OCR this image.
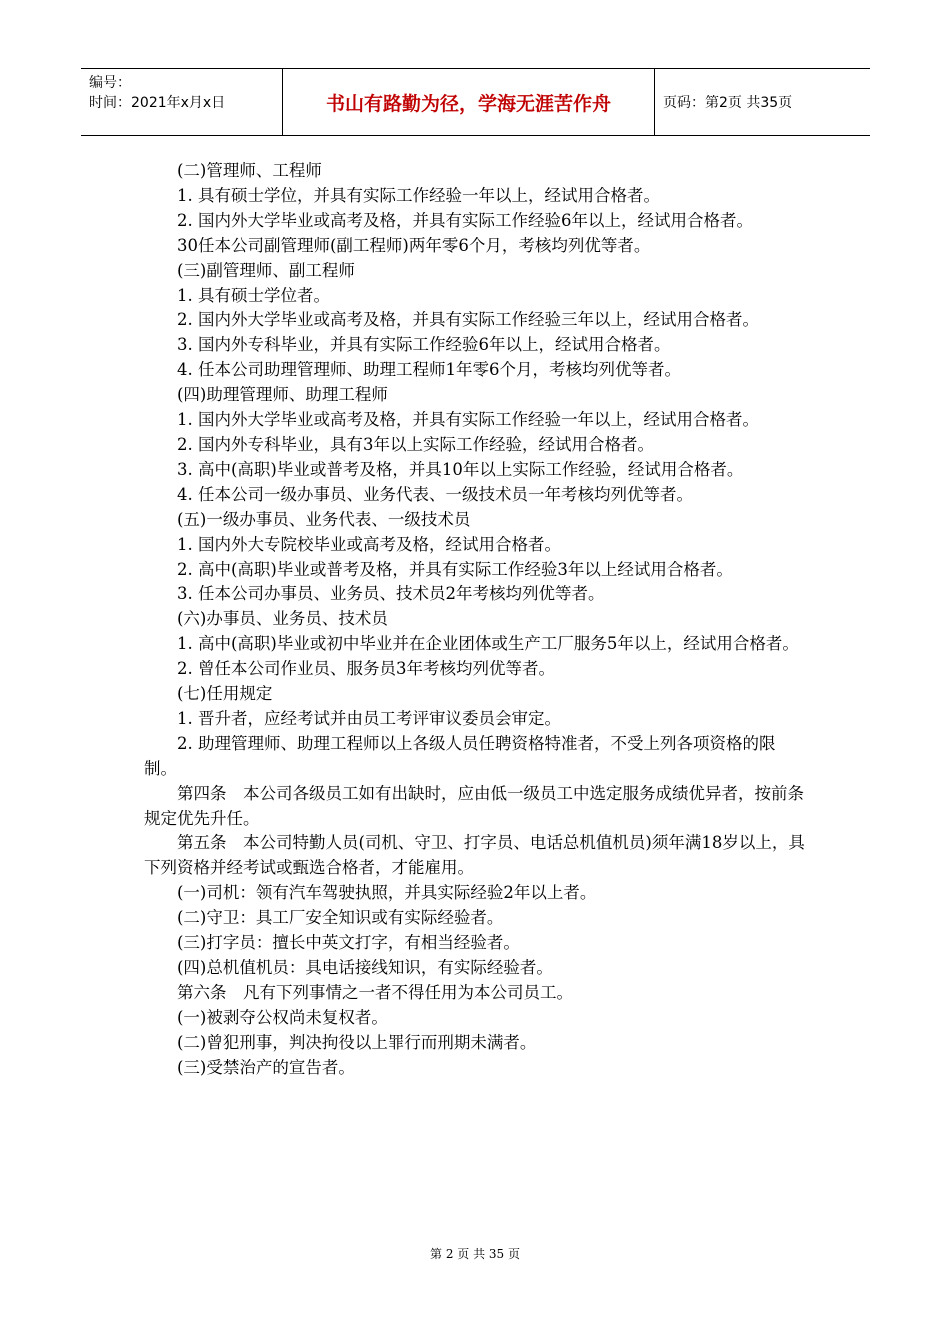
编号：
时间：2021年x月x日	书山有路勤为径，学海无涯苦作舟	页码：第2页 共35页

(二)管理师、工程师

1. 具有硕士学位，并具有实际工作经验一年以上，经试用合格者。

2. 国内外大学毕业或高考及格，并具有实际工作经验6年以上，经试用合格者。

30任本公司副管理师(副工程师)两年零6个月，考核均列优等者。

(三)副管理师、副工程师

1. 具有硕士学位者。

2. 国内外大学毕业或高考及格，并具有实际工作经验三年以上，经试用合格者。

3. 国内外专科毕业，并具有实际工作经验6年以上，经试用合格者。

4. 任本公司助理管理师、助理工程师1年零6个月，考核均列优等者。

(四)助理管理师、助理工程师

1. 国内外大学毕业或高考及格，并具有实际工作经验一年以上，经试用合格者。

2. 国内外专科毕业，具有3年以上实际工作经验，经试用合格者。

3. 高中(高职)毕业或普考及格，并具10年以上实际工作经验，经试用合格者。

4. 任本公司一级办事员、业务代表、一级技术员一年考核均列优等者。

(五)一级办事员、业务代表、一级技术员

1. 国内外大专院校毕业或高考及格，经试用合格者。

2. 高中(高职)毕业或普考及格，并具有实际工作经验3年以上经试用合格者。

3. 任本公司办事员、业务员、技术员2年考核均列优等者。

(六)办事员、业务员、技术员

1. 高中(高职)毕业或初中毕业并在企业团体或生产工厂服务5年以上，经试用合格者。

2. 曾任本公司作业员、服务员3年考核均列优等者。

(七)任用规定

1. 晋升者，应经考试并由员工考评审议委员会审定。

2. 助理管理师、助理工程师以上各级人员任聘资格特准者，不受上列各项资格的限制。

第四条　本公司各级员工如有出缺时，应由低一级员工中选定服务成绩优异者，按前条规定优先升任。

第五条　本公司特勤人员(司机、守卫、打字员、电话总机值机员)须年满18岁以上，具下列资格并经考试或甄选合格者，才能雇用。

(一)司机：领有汽车驾驶执照，并具实际经验2年以上者。

(二)守卫：具工厂安全知识或有实际经验者。

(三)打字员：擅长中英文打字，有相当经验者。

(四)总机值机员：具电话接线知识，有实际经验者。

第六条　凡有下列事情之一者不得任用为本公司员工。

(一)被剥夺公权尚未复权者。

(二)曾犯刑事，判决拘役以上罪行而刑期未满者。

(三)受禁治产的宣告者。

第 2 页 共 35 页
